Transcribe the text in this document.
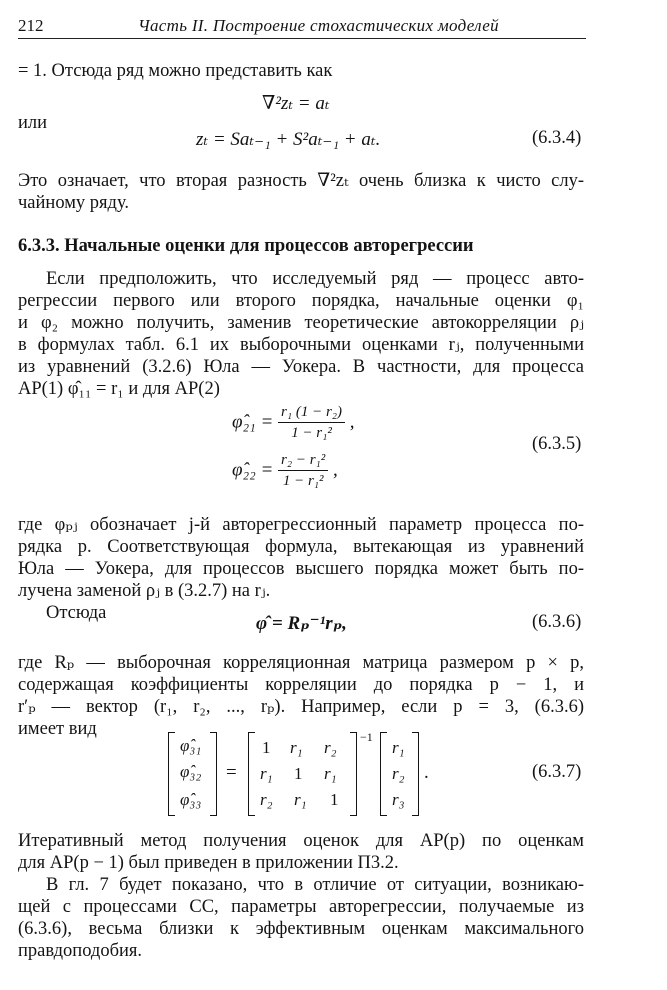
212	Часть II. Построение стохастических моделей
= 1. Отсюда ряд можно представить как
∇²zₜ = aₜ
или
zₜ = Saₜ₋₁ + S²aₜ₋₁ + aₜ.	(6.3.4)
Это означает, что вторая разность ∇²zₜ очень близка к чисто слу-
чайному ряду.
6.3.3. Начальные оценки для процессов авторегрессии
Если предположить, что исследуемый ряд — процесс авто-
регрессии первого или второго порядка, начальные оценки φ₁
и φ₂ можно получить, заменив теоретические автокорреляции ρⱼ
в формулах табл. 6.1 их выборочными оценками rⱼ, полученными
из уравнений (3.2.6) Юла — Уокера. В частности, для процесса
АР(1) φ̂₁₁ = r₁ и для АР(2)
φ̂₂₁ = $\frac{\text{r₁ (1 − r₂)}}{\text{1 − r₁²}}$ ,
φ̂₂₂ = $\frac{\text{r₂ − r₁²}}{\text{1 − r₁²}}$ ,
(6.3.5)
где φₚⱼ обозначает j-й авторегрессионный параметр процесса по-
рядка p. Соответствующая формула, вытекающая из уравнений
Юла — Уокера, для процессов высшего порядка может быть по-
лучена заменой ρⱼ в (3.2.7) на rⱼ.
Отсюда	φ̂ = Rₚ⁻¹rₚ,	(6.3.6)
где Rₚ — выборочная корреляционная матрица размером p × p,
содержащая коэффициенты корреляции до порядка p − 1, и
r′ₚ — вектор (r₁, r₂, ..., rₚ). Например, если p = 3, (6.3.6)
имеет вид
φ̂₃₁
φ̂₃₂
φ̂₃₃
=
1 r₁ r₂
r₁ 1 r₁
r₂ r₁ 1
−1
r₁
r₂
r₃
.	(6.3.7)
Итеративный метод получения оценок для АР(p) по оценкам
для АР(p − 1) был приведен в приложении П3.2.
В гл. 7 будет показано, что в отличие от ситуации, возникаю-
щей с процессами СС, параметры авторегрессии, получаемые из
(6.3.6), весьма близки к эффективным оценкам максимального
правдоподобия.
